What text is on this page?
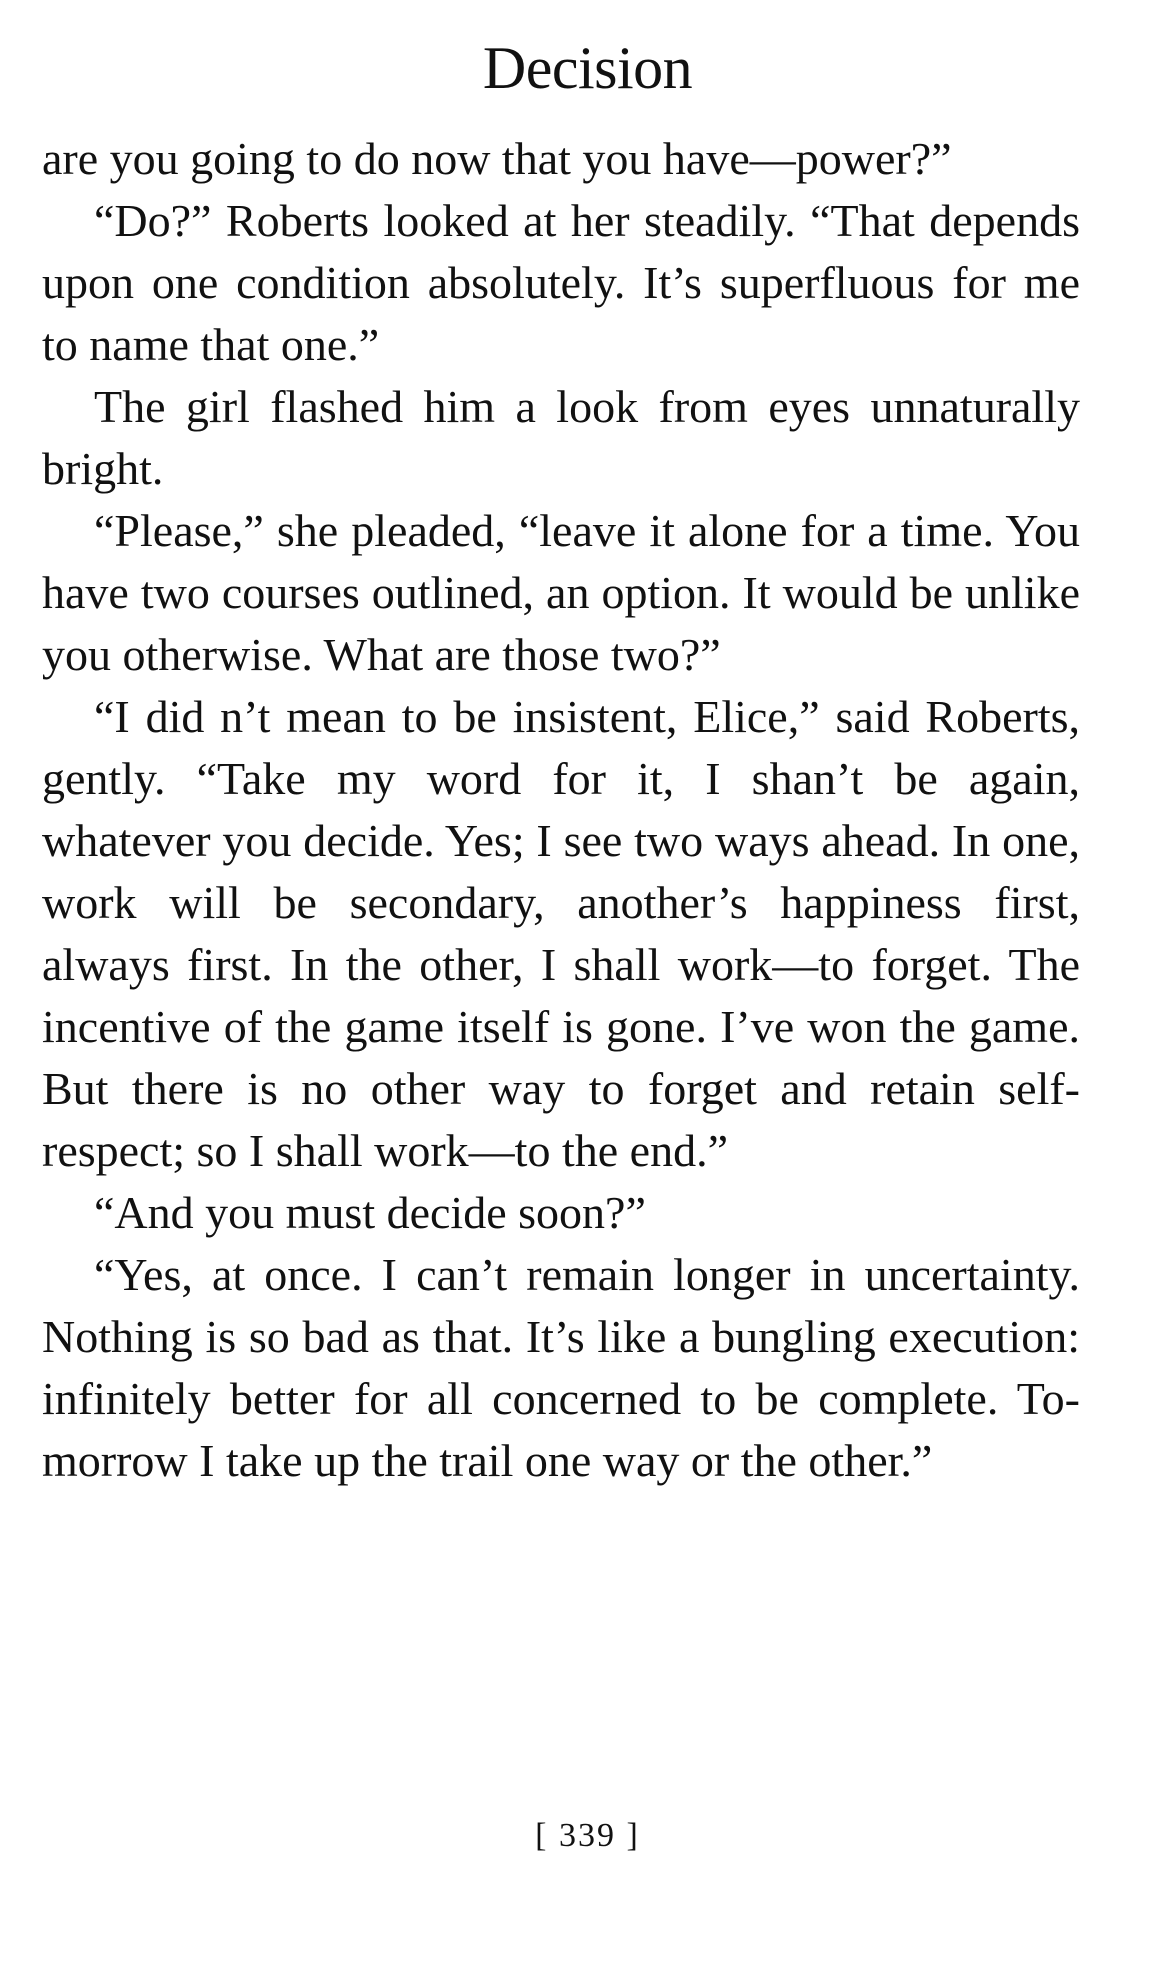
Decision

are you going to do now that you have—power?”

“Do?” Roberts looked at her steadily. “That depends upon one condition absolutely. It’s superfluous for me to name that one.”

The girl flashed him a look from eyes unnaturally bright.

“Please,” she pleaded, “leave it alone for a time. You have two courses outlined, an option. It would be unlike you otherwise. What are those two?”

“I did n’t mean to be insistent, Elice,” said Roberts, gently. “Take my word for it, I shan’t be again, whatever you decide. Yes; I see two ways ahead. In one, work will be secondary, another’s happiness first, always first. In the other, I shall work—to forget. The incentive of the game itself is gone. I’ve won the game. But there is no other way to forget and retain self-respect; so I shall work—to the end.”

“And you must decide soon?”

“Yes, at once. I can’t remain longer in uncertainty. Nothing is so bad as that. It’s like a bungling execution: infinitely better for all concerned to be complete. To-morrow I take up the trail one way or the other.”

[ 339 ]
